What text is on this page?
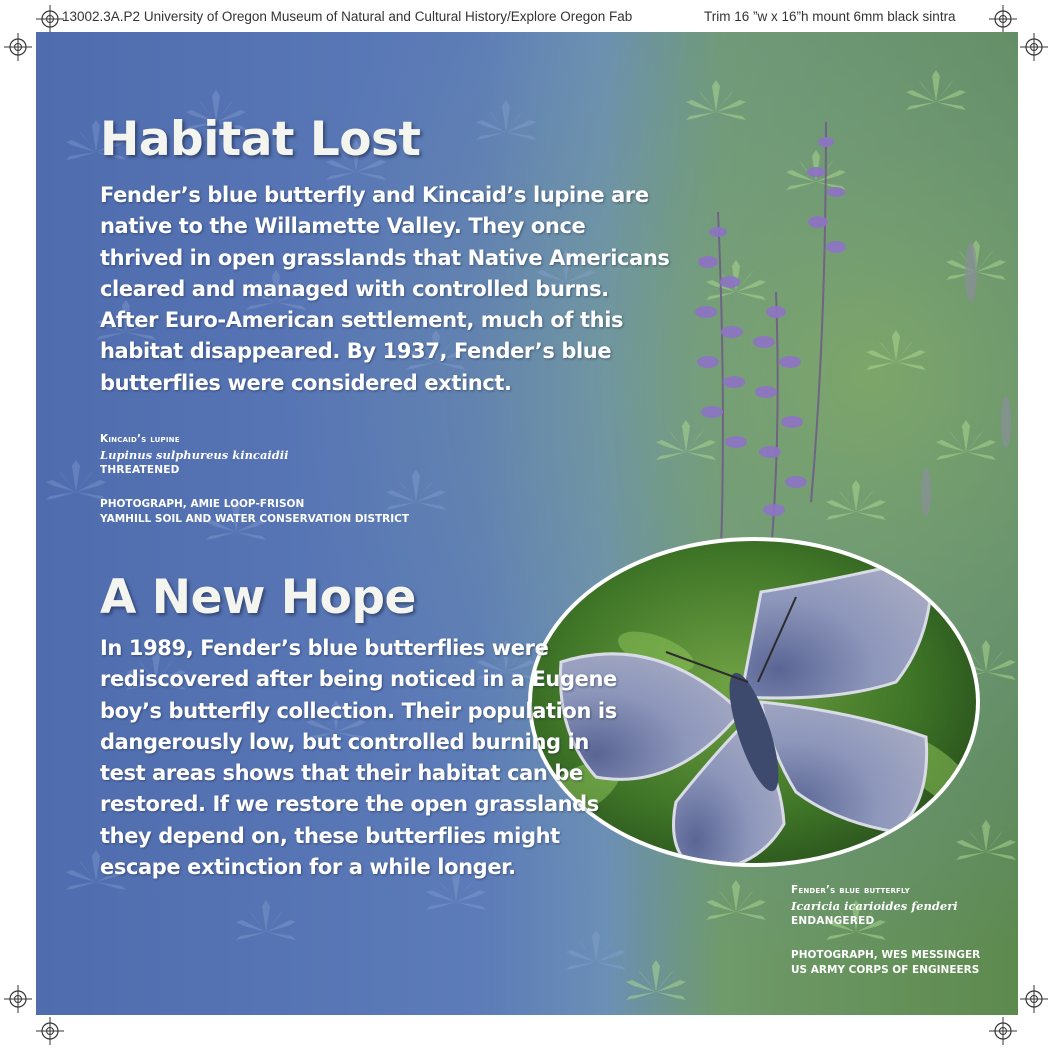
13002.3A.P2 University of Oregon Museum of Natural and Cultural History/Explore Oregon Fab	Trim 16 ”w x 16”h mount 6mm black sintra
Habitat Lost

Fender’s blue butterfly and Kincaid’s lupine are native to the Willamette Valley. They once thrived in open grasslands that Native Americans cleared and managed with controlled burns. After Euro-American settlement, much of this habitat disappeared. By 1937, Fender’s blue butterflies were considered extinct.

Kincaid’s lupine
Lupinus sulphureus kincaidii
THREATENED
PHOTOGRAPH, AMIE LOOP-FRISON
YAMHILL SOIL AND WATER CONSERVATION DISTRICT
A New Hope

In 1989, Fender’s blue butterflies were rediscovered after being noticed in a Eugene boy’s butterfly collection. Their population is dangerously low, but controlled burning in test areas shows that their habitat can be restored. If we restore the open grasslands they depend on, these butterflies might escape extinction for a while longer.

Fender’s blue butterfly
Icaricia icarioides fenderi
ENDANGERED
PHOTOGRAPH, WES MESSINGER
US ARMY CORPS OF ENGINEERS
